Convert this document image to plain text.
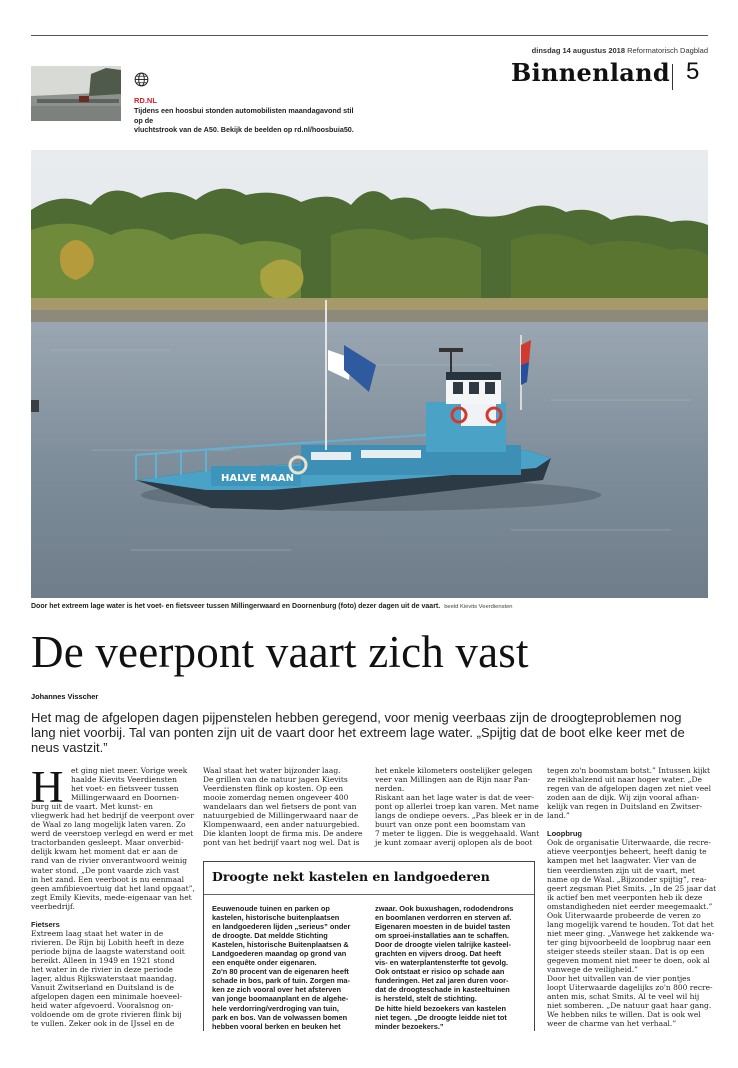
dinsdag 14 augustus 2018 Reformatorisch Dagblad
Binnenland 5
RD.NL
Tijdens een hoosbui stonden automobilisten maandagavond stil op de
vluchtstrook van de A50. Bekijk de beelden op rd.nl/hoosbuia50.
HALVE MAAN
Door het extreem lage water is het voet- en fietsveer tussen Millingerwaard en Doornenburg (foto) dezer dagen uit de vaart. beeld Kievits Veerdiensten
De veerpont vaart zich vast
Johannes Visscher
Het mag de afgelopen dagen pijpenstelen hebben geregend, voor menig veerbaas zijn de droogteproblemen nog lang niet voorbij. Tal van ponten zijn uit de vaart door het extreem lage water. „Spijtig dat de boot elke keer met de neus vastzit.”
H	et ging niet meer. Vorige week
haalde Kievits Veerdiensten
het voet- en fietsveer tussen
Millingerwaard en Doornen-
burg uit de vaart. Met kunst- en
vliegwerk had het bedrijf de veerpont over
de Waal zo lang mogelijk laten varen. Zo
werd de veerstoep verlegd en werd er met
tractorbanden gesleept. Maar onverbid-
delijk kwam het moment dat er aan de
rand van de rivier onverantwoord weinig
water stond. „De pont vaarde zich vast
in het zand. Een veerboot is nu eenmaal
geen amfibievoertuig dat het land opgaat”,
zegt Emily Kievits, mede-eigenaar van het
veerbedrijf.
Fietsers
Extreem laag staat het water in de
rivieren. De Rijn bij Lobith heeft in deze
periode bijna de laagste waterstand ooit
bereikt. Alleen in 1949 en 1921 stond
het water in de rivier in deze periode
lager, aldus Rijkswaterstaat maandag.
Vanuit Zwitserland en Duitsland is de
afgelopen dagen een minimale hoeveel-
heid water afgevoerd. Vooralsnog on-
voldoende om de grote rivieren flink bij
te vullen. Zeker ook in de IJssel en de
Waal staat het water bijzonder laag.
De grillen van de natuur jagen Kievits
Veerdiensten flink op kosten. Op een
mooie zomerdag nemen ongeveer 400
wandelaars dan wel fietsers de pont van
natuurgebied de Millingerwaard naar de
Klompenwaard, een ander natuurgebied.
Die klanten loopt de firma mis. De andere
pont van het bedrijf vaart nog wel. Dat is
het enkele kilometers oostelijker gelegen
veer van Millingen aan de Rijn naar Pan-
nerden.
Riskant aan het lage water is dat de veer-
pont op allerlei troep kan varen. Met name
langs de ondiepe oevers. „Pas bleek er in de
buurt van onze pont een boomstam van
7 meter te liggen. Die is weggehaald. Want
je kunt zomaar averij oplopen als de boot
tegen zo'n boomstam botst.” Intussen kijkt
ze reikhalzend uit naar hoger water. „De
regen van de afgelopen dagen zet niet veel
zoden aan de dijk. Wij zijn vooral afhan-
kelijk van regen in Duitsland en Zwitser-
land.”
Loopbrug
Ook de organisatie Uiterwaarde, die recre-
atieve veerpontjes beheert, heeft danig te
kampen met het laagwater. Vier van de
tien veerdiensten zijn uit de vaart, met
name op de Waal. „Bijzonder spijtig”, rea-
geert zegsman Piet Smits. „In de 25 jaar dat
ik actief ben met veerponten heb ik deze
omstandigheden niet eerder meegemaakt.”
Ook Uiterwaarde probeerde de veren zo
lang mogelijk varend te houden. Tot dat het
niet meer ging. „Vanwege het zakkende wa-
ter ging bijvoorbeeld de loopbrug naar een
steiger steeds steiler staan. Dat is op een
gegeven moment niet meer te doen, ook al
vanwege de veiligheid.”
Door het uitvallen van de vier pontjes
loopt Uiterwaarde dagelijks zo'n 800 recre-
anten mis, schat Smits. Al te veel wil hij
niet somberen. „De natuur gaat haar gang.
We hebben niks te willen. Dat is ook wel
weer de charme van het verhaal.”
Droogte nekt kastelen en landgoederen
Eeuwenoude tuinen en parken op
kastelen, historische buitenplaatsen
en landgoederen lijden „serieus” onder
de droogte. Dat meldde Stichting
Kastelen, historische Buitenplaatsen &
Landgoederen maandag op grond van
een enquête onder eigenaren.
Zo'n 80 procent van de eigenaren heeft
schade in bos, park of tuin. Zorgen ma-
ken ze zich vooral over het afsterven
van jonge boomaanplant en de algehe-
hele verdorring/verdroging van tuin,
park en bos. Van de volwassen bomen
hebben vooral berken en beuken het
zwaar. Ook buxushagen, rododendrons
en boomlanen verdorren en sterven af.
Eigenaren moesten in de buidel tasten
om sproei-installaties aan te schaffen.
Door de droogte vielen talrijke kasteel-
grachten en vijvers droog. Dat heeft
vis- en waterplantensterfte tot gevolg.
Ook ontstaat er risico op schade aan
funderingen. Het zal jaren duren voor-
dat de droogteschade in kasteeltuinen
is hersteld, stelt de stichting.
De hitte hield bezoekers van kastelen
niet tegen. „De droogte leidde niet tot
minder bezoekers.”
